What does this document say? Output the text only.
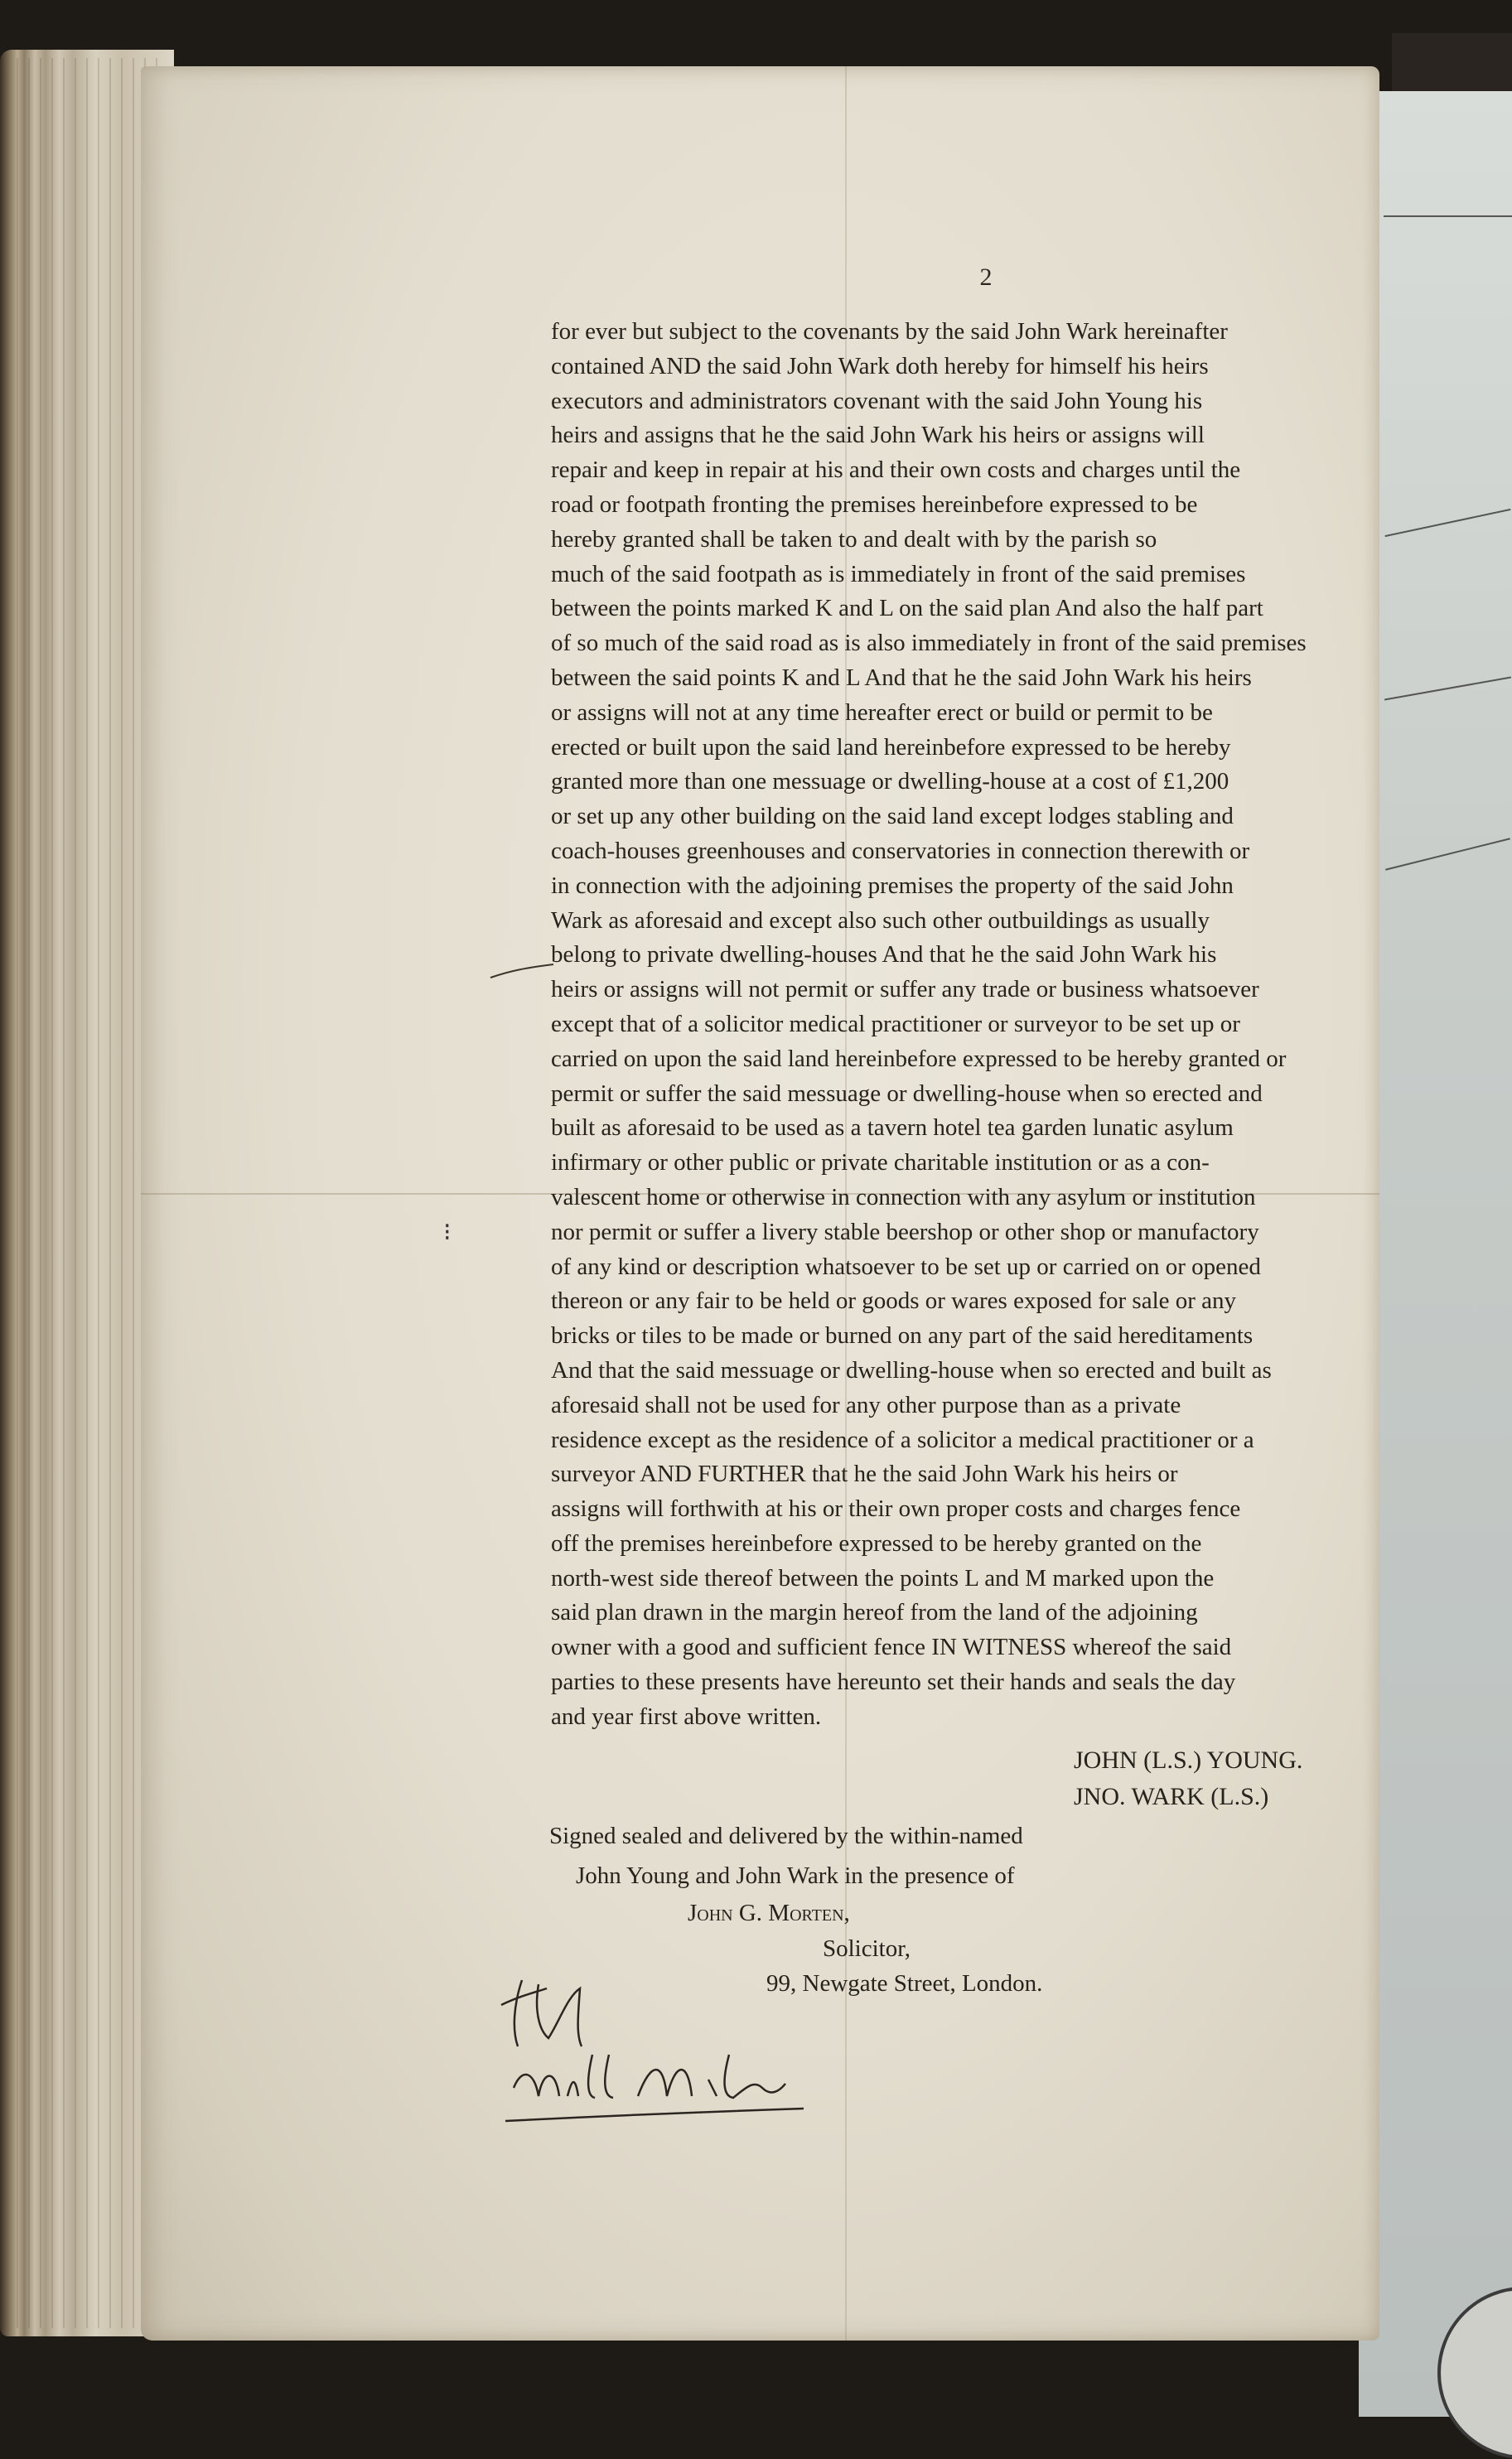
2
for ever but subject to the covenants by the said John Wark hereinafter
contained AND the said John Wark doth hereby for himself his heirs
executors and administrators covenant with the said John Young his
heirs and assigns that he the said John Wark his heirs or assigns will
repair and keep in repair at his and their own costs and charges until the
road or footpath fronting the premises hereinbefore expressed to be
hereby granted shall be taken to and dealt with by the parish so
much of the said footpath as is immediately in front of the said premises
between the points marked K and L on the said plan And also the half part
of so much of the said road as is also immediately in front of the said premises
between the said points K and L And that he the said John Wark his heirs
or assigns will not at any time hereafter erect or build or permit to be
erected or built upon the said land hereinbefore expressed to be hereby
granted more than one messuage or dwelling-house at a cost of £1,200
or set up any other building on the said land except lodges stabling and
coach-houses greenhouses and conservatories in connection therewith or
in connection with the adjoining premises the property of the said John
Wark as aforesaid and except also such other outbuildings as usually
belong to private dwelling-houses And that he the said John Wark his
heirs or assigns will not permit or suffer any trade or business whatsoever
except that of a solicitor medical practitioner or surveyor to be set up or
carried on upon the said land hereinbefore expressed to be hereby granted or
permit or suffer the said messuage or dwelling-house when so erected and
built as aforesaid to be used as a tavern hotel tea garden lunatic asylum
infirmary or other public or private charitable institution or as a con-
valescent home or otherwise in connection with any asylum or institution
nor permit or suffer a livery stable beershop or other shop or manufactory
of any kind or description whatsoever to be set up or carried on or opened
thereon or any fair to be held or goods or wares exposed for sale or any
bricks or tiles to be made or burned on any part of the said hereditaments
And that the said messuage or dwelling-house when so erected and built as
aforesaid shall not be used for any other purpose than as a private
residence except as the residence of a solicitor a medical practitioner or a
surveyor AND FURTHER that he the said John Wark his heirs or
assigns will forthwith at his or their own proper costs and charges fence
off the premises hereinbefore expressed to be hereby granted on the
north-west side thereof between the points L and M marked upon the
said plan drawn in the margin hereof from the land of the adjoining
owner with a good and sufficient fence IN WITNESS whereof the said
parties to these presents have hereunto set their hands and seals the day
and year first above written.
JOHN (L.S.) YOUNG.
JNO. WARK (L.S.)
Signed sealed and delivered by the within-named
John Young and John Wark in the presence of
John G. Morten,
Solicitor,
99, Newgate Street, London.
⁝
